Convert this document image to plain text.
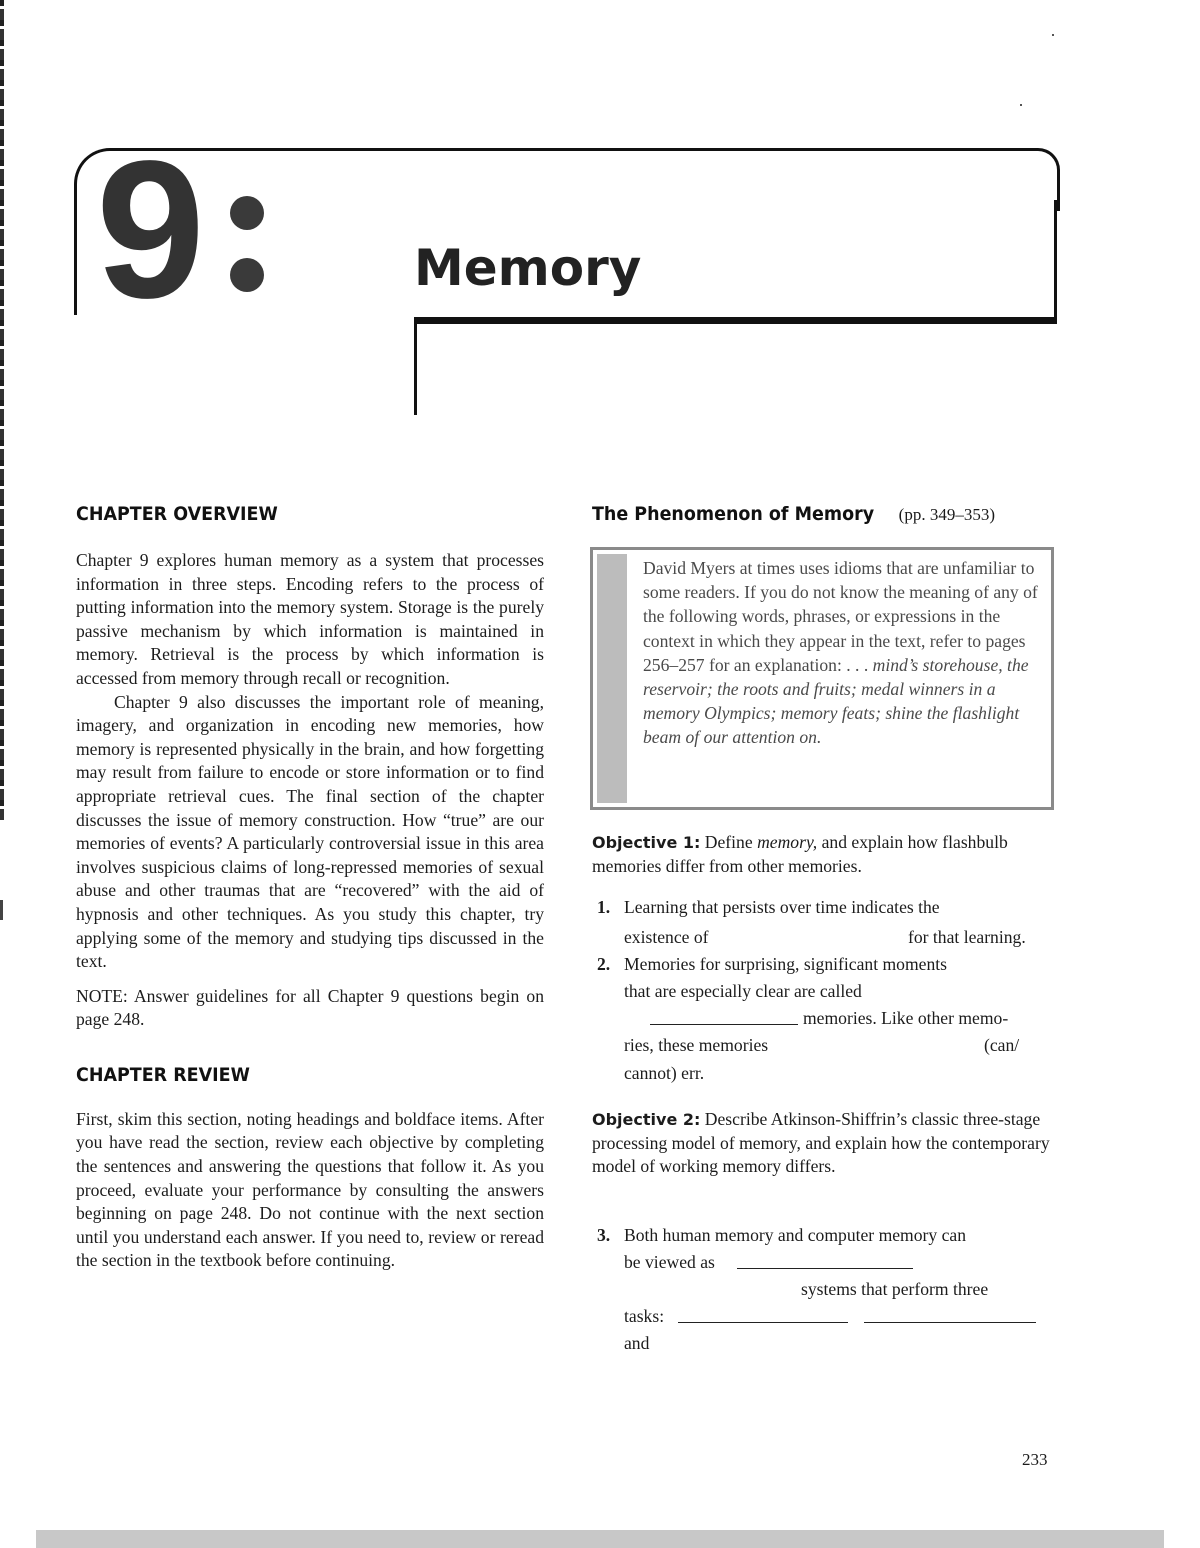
9	Memory
CHAPTER OVERVIEW

Chapter 9 explores human memory as a system that processes information in three steps. Encoding refers to the process of putting information into the memory system. Storage is the purely passive mechanism by which information is maintained in memory. Retrieval is the process by which information is accessed from memory through recall or recognition.

Chapter 9 also discusses the important role of meaning, imagery, and organization in encoding new memories, how memory is represented physically in the brain, and how forgetting may result from failure to encode or store information or to find appropriate retrieval cues. The final section of the chapter discusses the issue of memory construction. How “true” are our memories of events? A particularly controversial issue in this area involves suspicious claims of long-repressed memories of sexual abuse and other traumas that are “recovered” with the aid of hypnosis and other techniques. As you study this chapter, try applying some of the memory and studying tips discussed in the text.

NOTE: Answer guidelines for all Chapter 9 questions begin on page 248.
CHAPTER REVIEW
First, skim this section, noting headings and boldface items. After you have read the section, review each objective by completing the sentences and answering the questions that follow it. As you proceed, evaluate your performance by consulting the answers beginning on page 248. Do not continue with the next section until you understand each answer. If you need to, review or reread the section in the textbook before continuing.
The Phenomenon of Memory (pp. 349–353)
David Myers at times uses idioms that are unfamiliar to some readers. If you do not know the meaning of any of the following words, phrases, or expressions in the context in which they appear in the text, refer to pages 256–257 for an explanation: . . . mind’s storehouse, the reservoir; the roots and fruits; medal winners in a memory Olympics; memory feats; shine the flashlight beam of our attention on.
Objective 1: Define memory, and explain how flashbulb memories differ from other memories.
1. Learning that persists over time indicates the
existence of	for that learning.
2. Memories for surprising, significant moments
that are especially clear are called
memories. Like other memo-
ries, these memories	(can/
cannot) err.
Objective 2: Describe Atkinson-Shiffrin’s classic three-stage processing model of memory, and explain how the contemporary model of working memory differs.
3. Both human memory and computer memory can
be viewed as
systems that perform three
tasks:
and
233
